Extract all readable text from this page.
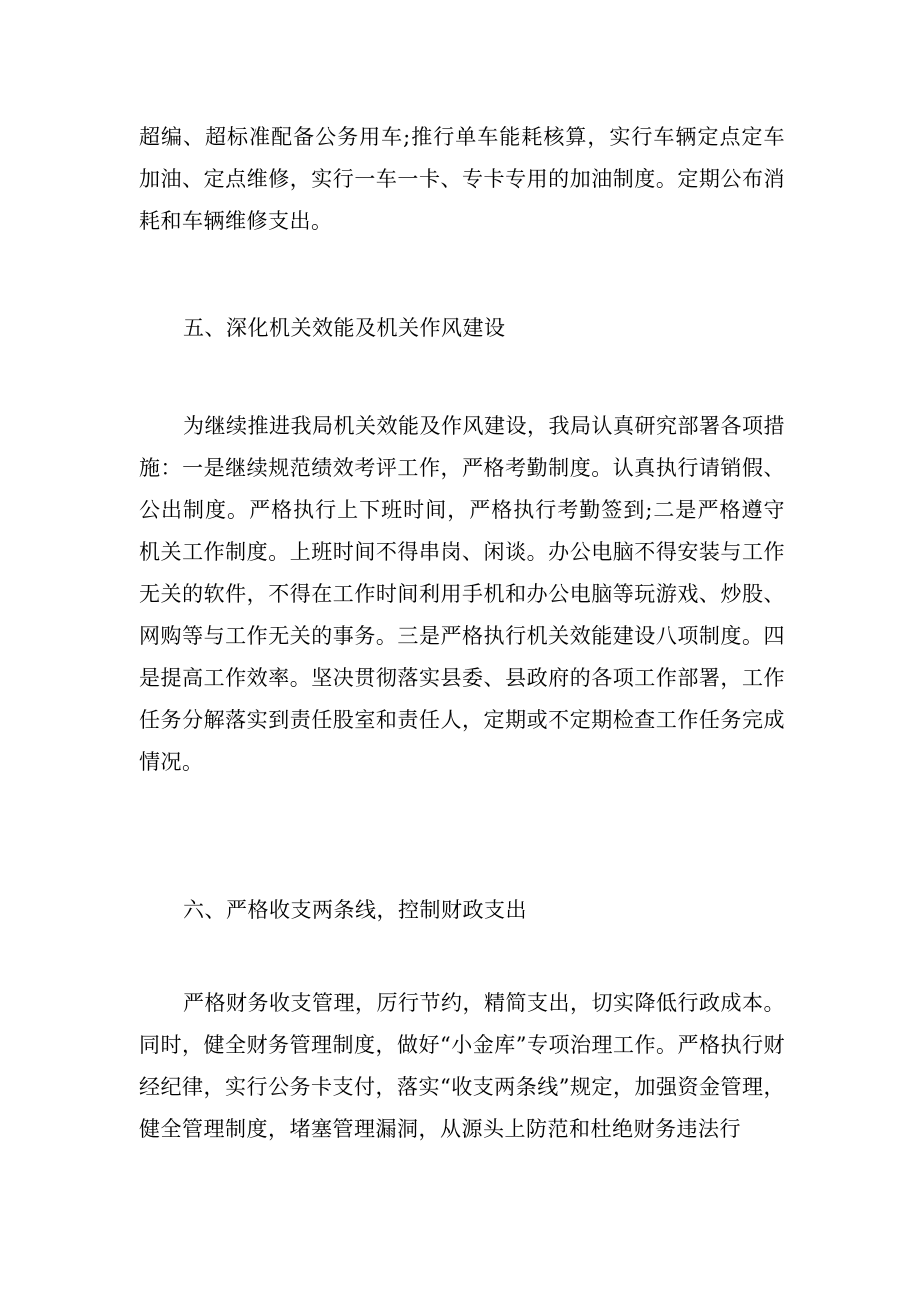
超编、超标准配备公务用车;推行单车能耗核算，实行车辆定点定车加油、定点维修，实行一车一卡、专卡专用的加油制度。定期公布消耗和车辆维修支出。

五、深化机关效能及机关作风建设

为继续推进我局机关效能及作风建设，我局认真研究部署各项措施：一是继续规范绩效考评工作，严格考勤制度。认真执行请销假、公出制度。严格执行上下班时间，严格执行考勤签到;二是严格遵守机关工作制度。上班时间不得串岗、闲谈。办公电脑不得安装与工作无关的软件，不得在工作时间利用手机和办公电脑等玩游戏、炒股、网购等与工作无关的事务。三是严格执行机关效能建设八项制度。四是提高工作效率。坚决贯彻落实县委、县政府的各项工作部署，工作任务分解落实到责任股室和责任人，定期或不定期检查工作任务完成情况。

六、严格收支两条线，控制财政支出

严格财务收支管理，厉行节约，精简支出，切实降低行政成本。同时，健全财务管理制度，做好“小金库”专项治理工作。严格执行财经纪律，实行公务卡支付，落实“收支两条线”规定，加强资金管理，健全管理制度，堵塞管理漏洞，从源头上防范和杜绝财务违法行
